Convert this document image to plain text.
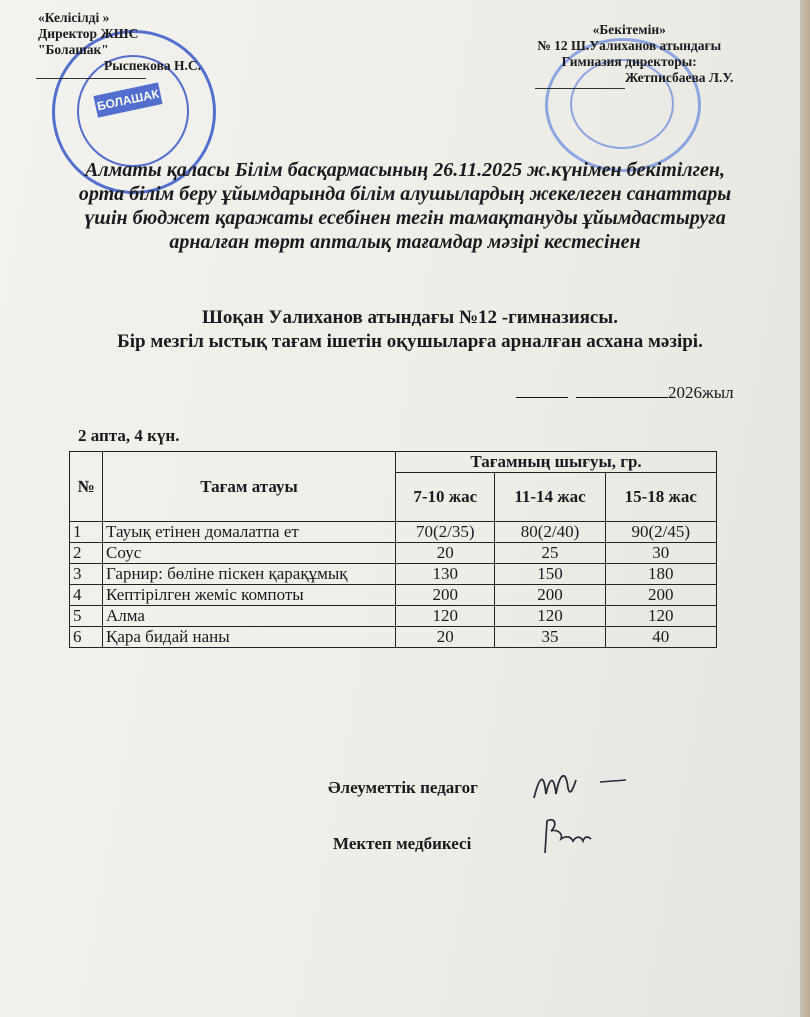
БОЛАШАК
«Келісілді »
Директор ЖШС
"Болашак"
Рыспекова Н.С.
«Бекітемін»
№ 12 Ш.Уалиханов атындағы
Гимназия директоры:
Жетписбаева Л.У.
Алматы қаласы Білім басқармасының 26.11.2025 ж.күнімен бекітілген, орта білім беру ұйымдарында білім алушылардың жекелеген санаттары үшін бюджет қаражаты есебінен тегін тамақтануды ұйымдастыруға арналған төрт апталық тағамдар мәзірі кестесінен
Шоқан Уалиханов атындағы №12 -гимназиясы.
Бір мезгіл ыстық тағам ішетін оқушыларға арналған асхана мәзірі.
2026жыл
2 апта, 4 күн.
№	Тағам атауы	Тағамның шығуы, гр.		
		7-10 жас	11-14 жас	15-18 жас
1	Тауық етінен домалатпа ет	70(2/35)	80(2/40)	90(2/45)
2	Соус	20	25	30
3	Гарнир: бөліне піскен қарақұмық	130	150	180
4	Кептірілген жеміс компоты	200	200	200
5	Алма	120	120	120
6	Қара бидай наны	20	35	40
Әлеуметтік педагог
Мектеп медбикесі
